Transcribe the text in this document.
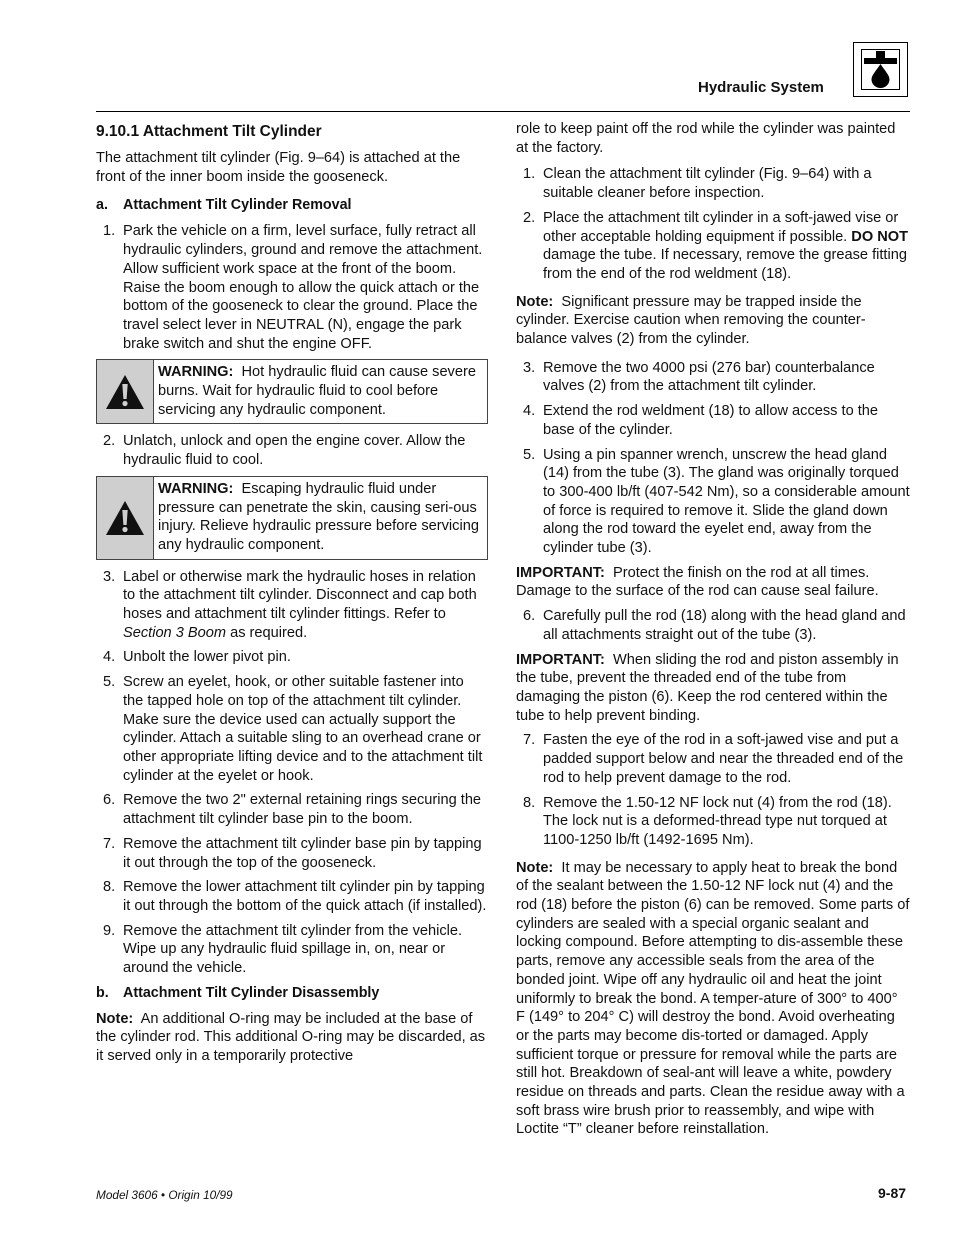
Hydraulic System
9.10.1 Attachment Tilt Cylinder

The attachment tilt cylinder (Fig. 9–64) is attached at the front of the inner boom inside the gooseneck.

a. Attachment Tilt Cylinder Removal
1. Park the vehicle on a firm, level surface, fully retract all hydraulic cylinders, ground and remove the attachment. Allow sufficient work space at the front of the boom. Raise the boom enough to allow the quick attach or the bottom of the gooseneck to clear the ground. Place the travel select lever in NEUTRAL (N), engage the park brake switch and shut the engine OFF.
WARNING: Hot hydraulic fluid can cause severe burns. Wait for hydraulic fluid to cool before servicing any hydraulic component.
2. Unlatch, unlock and open the engine cover. Allow the hydraulic fluid to cool.
WARNING: Escaping hydraulic fluid under pressure can penetrate the skin, causing seri-ous injury. Relieve hydraulic pressure before servicing any hydraulic component.
3. Label or otherwise mark the hydraulic hoses in relation to the attachment tilt cylinder. Disconnect and cap both hoses and attachment tilt cylinder fittings. Refer to Section 3 Boom as required.
4. Unbolt the lower pivot pin.
5. Screw an eyelet, hook, or other suitable fastener into the tapped hole on top of the attachment tilt cylinder. Make sure the device used can actually support the cylinder. Attach a suitable sling to an overhead crane or other appropriate lifting device and to the attachment tilt cylinder at the eyelet or hook.
6. Remove the two 2" external retaining rings securing the attachment tilt cylinder base pin to the boom.
7. Remove the attachment tilt cylinder base pin by tapping it out through the top of the gooseneck.
8. Remove the lower attachment tilt cylinder pin by tapping it out through the bottom of the quick attach (if installed).
9. Remove the attachment tilt cylinder from the vehicle. Wipe up any hydraulic fluid spillage in, on, near or around the vehicle.
b. Attachment Tilt Cylinder Disassembly

Note: An additional O-ring may be included at the base of the cylinder rod. This additional O-ring may be discarded, as it served only in a temporarily protective

role to keep paint off the rod while the cylinder was painted at the factory.

1. Clean the attachment tilt cylinder (Fig. 9–64) with a suitable cleaner before inspection.
2. Place the attachment tilt cylinder in a soft-jawed vise or other acceptable holding equipment if possible. DO NOT damage the tube. If necessary, remove the grease fitting from the end of the rod weldment (18).

Note: Significant pressure may be trapped inside the cylinder. Exercise caution when removing the counter-balance valves (2) from the cylinder.

3. Remove the two 4000 psi (276 bar) counterbalance valves (2) from the attachment tilt cylinder.
4. Extend the rod weldment (18) to allow access to the base of the cylinder.
5. Using a pin spanner wrench, unscrew the head gland (14) from the tube (3). The gland was originally torqued to 300-400 lb/ft (407-542 Nm), so a considerable amount of force is required to remove it. Slide the gland down along the rod toward the eyelet end, away from the cylinder tube (3).

IMPORTANT: Protect the finish on the rod at all times. Damage to the surface of the rod can cause seal failure.

6. Carefully pull the rod (18) along with the head gland and all attachments straight out of the tube (3).

IMPORTANT: When sliding the rod and piston assembly in the tube, prevent the threaded end of the tube from damaging the piston (6). Keep the rod centered within the tube to help prevent binding.

7. Fasten the eye of the rod in a soft-jawed vise and put a padded support below and near the threaded end of the rod to help prevent damage to the rod.
8. Remove the 1.50-12 NF lock nut (4) from the rod (18). The lock nut is a deformed-thread type nut torqued at 1100-1250 lb/ft (1492-1695 Nm).

Note: It may be necessary to apply heat to break the bond of the sealant between the 1.50-12 NF lock nut (4) and the rod (18) before the piston (6) can be removed. Some parts of cylinders are sealed with a special organic sealant and locking compound. Before attempting to dis-assemble these parts, remove any accessible seals from the area of the bonded joint. Wipe off any hydraulic oil and heat the joint uniformly to break the bond. A temper-ature of 300° to 400° F (149° to 204° C) will destroy the bond. Avoid overheating or the parts may become dis-torted or damaged. Apply sufficient torque or pressure for removal while the parts are still hot. Breakdown of seal-ant will leave a white, powdery residue on threads and parts. Clean the residue away with a soft brass wire brush prior to reassembly, and wipe with Loctite “T” cleaner before reinstallation.

Model 3606 • Origin 10/99	9-87
